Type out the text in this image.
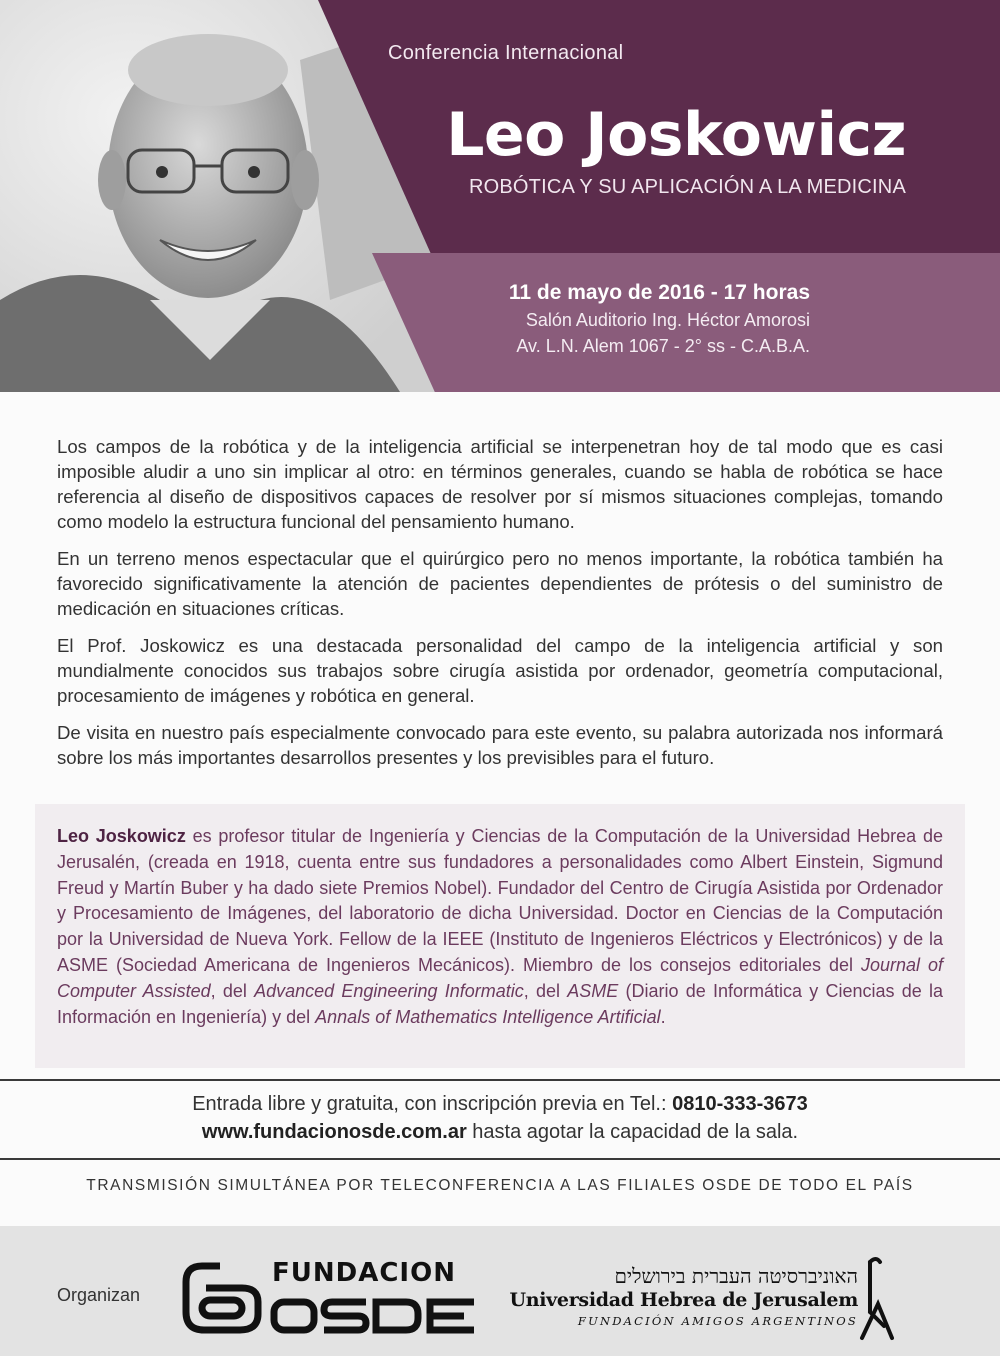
Conferencia Internacional
Leo Joskowicz
ROBÓTICA Y SU APLICACIÓN A LA MEDICINA
11 de mayo de 2016 - 17 horas
Salón Auditorio Ing. Héctor Amorosi
Av. L.N. Alem 1067 - 2° ss - C.A.B.A.

Los campos de la robótica y de la inteligencia artificial se interpenetran hoy de tal modo que es casi imposible aludir a uno sin implicar al otro: en términos generales, cuando se habla de robótica se hace referencia al diseño de dispositivos capaces de resolver por sí mismos situaciones complejas, tomando como modelo la estructura funcional del pensamiento humano.

En un terreno menos espectacular que el quirúrgico pero no menos importante, la robótica también ha favorecido significativamente la atención de pacientes dependientes de prótesis o del suministro de medicación en situaciones críticas.

El Prof. Joskowicz es una destacada personalidad del campo de la inteligencia artificial y son mundialmente conocidos sus trabajos sobre cirugía asistida por ordenador, geometría computacional, procesamiento de imágenes y robótica en general.

De visita en nuestro país especialmente convocado para este evento, su palabra autorizada nos informará sobre los más importantes desarrollos presentes y los previsibles para el futuro.

Leo Joskowicz es profesor titular de Ingeniería y Ciencias de la Computación de la Universidad Hebrea de Jerusalén, (creada en 1918, cuenta entre sus fundadores a personalidades como Albert Einstein, Sigmund Freud y Martín Buber y ha dado siete Premios Nobel). Fundador del Centro de Cirugía Asistida por Ordenador y Procesamiento de Imágenes, del laboratorio de dicha Universidad. Doctor en Ciencias de la Computación por la Universidad de Nueva York. Fellow de la IEEE (Instituto de Ingenieros Eléctricos y Electrónicos) y de la ASME (Sociedad Americana de Ingenieros Mecánicos). Miembro de los consejos editoriales del Journal of Computer Assisted, del Advanced Engineering Informatic, del ASME (Diario de Informática y Ciencias de la Información en Ingeniería) y del Annals of Mathematics Intelligence Artificial.
Entrada libre y gratuita, con inscripción previa en Tel.: 0810-333-3673
www.fundacionosde.com.ar hasta agotar la capacidad de la sala.
TRANSMISIÓN SIMULTÁNEA POR TELECONFERENCIA A LAS FILIALES OSDE DE TODO EL PAÍS
Organizan
FUNDACION	האוניברסיטה העברית בירושלים
Universidad Hebrea de Jerusalem
FUNDACIÓN AMIGOS ARGENTINOS
